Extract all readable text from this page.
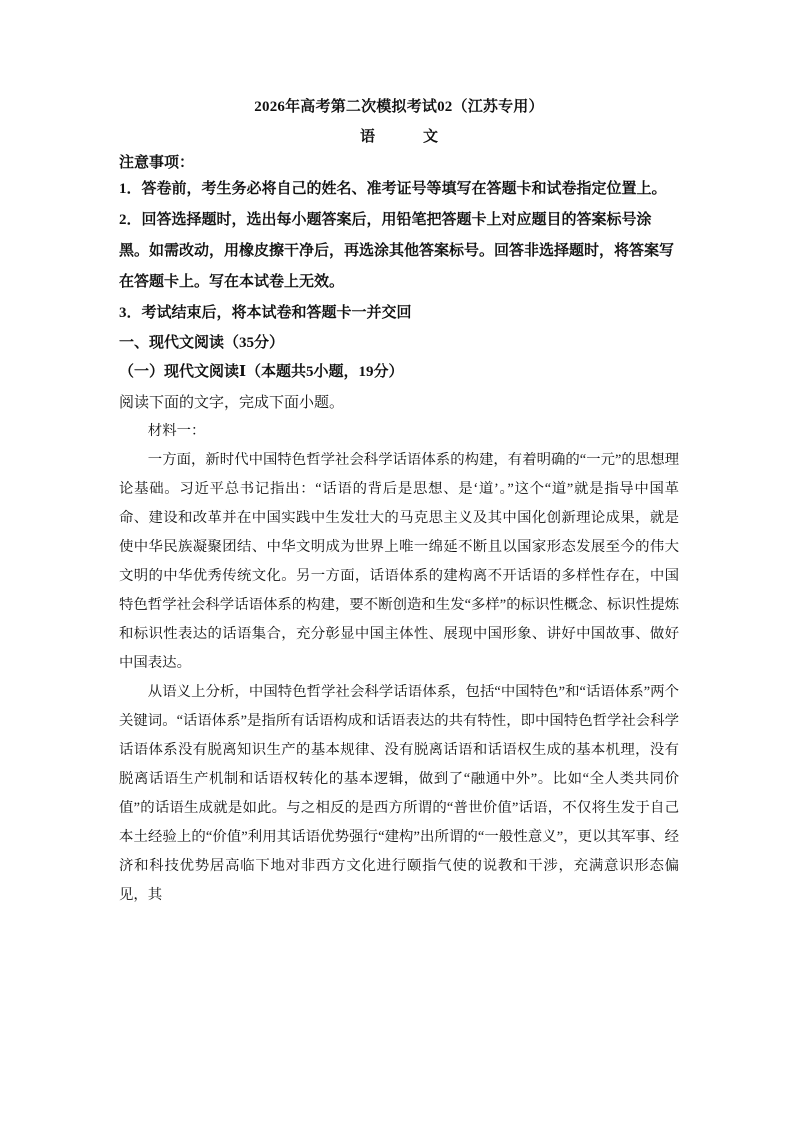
2026年高考第二次模拟考试02（江苏专用）

语文

注意事项：

1．答卷前，考生务必将自己的姓名、准考证号等填写在答题卡和试卷指定位置上。

2．回答选择题时，选出每小题答案后，用铅笔把答题卡上对应题目的答案标号涂黑。如需改动，用橡皮擦干净后，再选涂其他答案标号。回答非选择题时，将答案写在答题卡上。写在本试卷上无效。

3．考试结束后，将本试卷和答题卡一并交回

一、现代文阅读（35分）

（一）现代文阅读Ⅰ（本题共5小题，19分）

阅读下面的文字，完成下面小题。

材料一：

一方面，新时代中国特色哲学社会科学话语体系的构建，有着明确的“一元”的思想理论基础。习近平总书记指出：“话语的背后是思想、是‘道’。”这个“道”就是指导中国革命、建设和改革并在中国实践中生发壮大的马克思主义及其中国化创新理论成果，就是使中华民族凝聚团结、中华文明成为世界上唯一绵延不断且以国家形态发展至今的伟大文明的中华优秀传统文化。另一方面，话语体系的建构离不开话语的多样性存在，中国特色哲学社会科学话语体系的构建，要不断创造和生发“多样”的标识性概念、标识性提炼和标识性表达的话语集合，充分彰显中国主体性、展现中国形象、讲好中国故事、做好中国表达。

从语义上分析，中国特色哲学社会科学话语体系，包括“中国特色”和“话语体系”两个关键词。“话语体系”是指所有话语构成和话语表达的共有特性，即中国特色哲学社会科学话语体系没有脱离知识生产的基本规律、没有脱离话语和话语权生成的基本机理，没有脱离话语生产机制和话语权转化的基本逻辑，做到了“融通中外”。比如“全人类共同价值”的话语生成就是如此。与之相反的是西方所谓的“普世价值”话语，不仅将生发于自己本土经验上的“价值”利用其话语优势强行“建构”出所谓的“一般性意义”，更以其军事、经济和科技优势居高临下地对非西方文化进行颐指气使的说教和干涉，充满意识形态偏见，其
